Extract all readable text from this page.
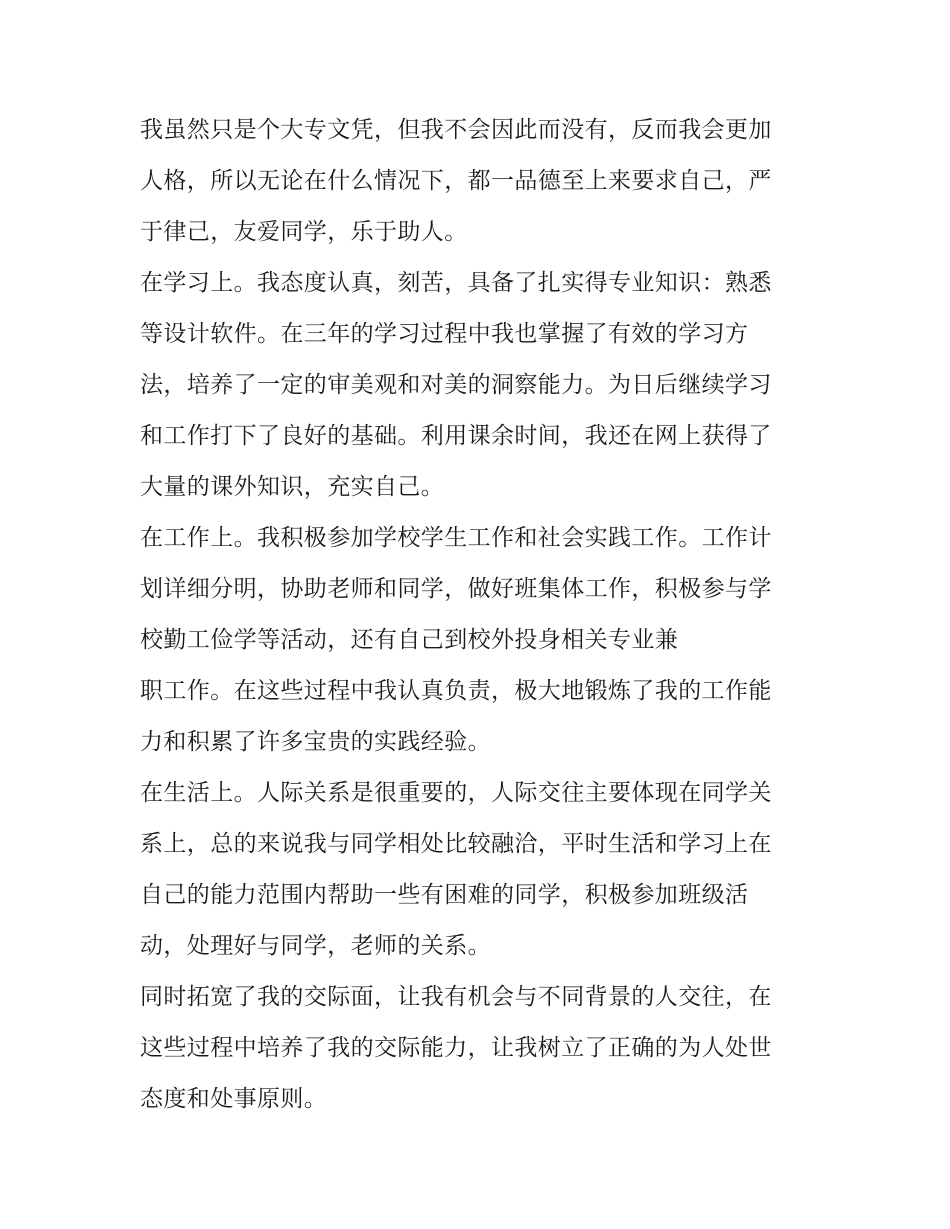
我虽然只是个大专文凭，但我不会因此而没有，反而我会更加
人格，所以无论在什么情况下，都一品德至上来要求自己，严
于律己，友爱同学，乐于助人。
在学习上。我态度认真，刻苦，具备了扎实得专业知识：熟悉
等设计软件。在三年的学习过程中我也掌握了有效的学习方
法，培养了一定的审美观和对美的洞察能力。为日后继续学习
和工作打下了良好的基础。利用课余时间，我还在网上获得了
大量的课外知识，充实自己。
在工作上。我积极参加学校学生工作和社会实践工作。工作计
划详细分明，协助老师和同学，做好班集体工作，积极参与学
校勤工俭学等活动，还有自己到校外投身相关专业兼
职工作。在这些过程中我认真负责，极大地锻炼了我的工作能
力和积累了许多宝贵的实践经验。
在生活上。人际关系是很重要的，人际交往主要体现在同学关
系上，总的来说我与同学相处比较融洽，平时生活和学习上在
自己的能力范围内帮助一些有困难的同学，积极参加班级活
动，处理好与同学，老师的关系。
同时拓宽了我的交际面，让我有机会与不同背景的人交往，在
这些过程中培养了我的交际能力，让我树立了正确的为人处世
态度和处事原则。
